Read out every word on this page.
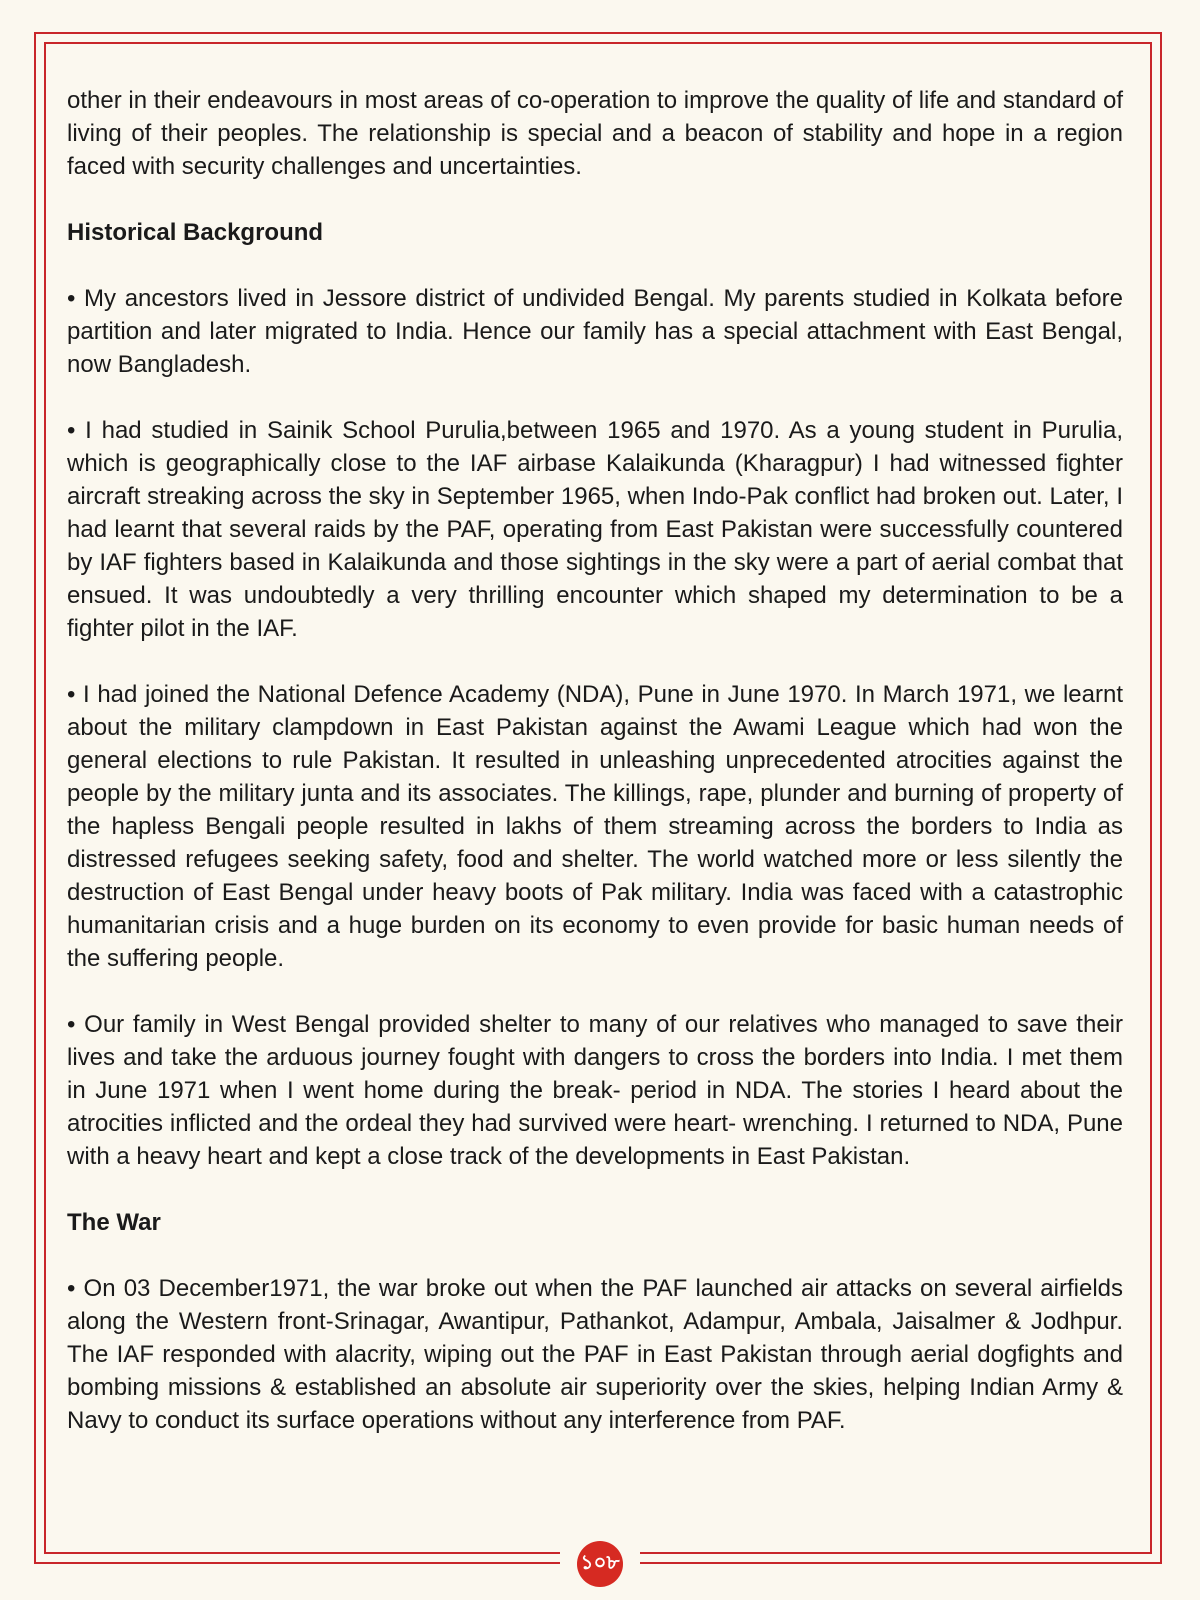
other in their endeavours in most areas of co-operation to improve the quality of life and standard of living of their peoples. The relationship is special and a beacon of stability and hope in a region faced with security challenges and uncertainties.

Historical Background

• My ancestors lived in Jessore district of undivided Bengal. My parents studied in Kolkata before partition and later migrated to India. Hence our family has a special attachment with East Bengal, now Bangladesh.

• I had studied in Sainik School Purulia,between 1965 and 1970. As a young student in Purulia, which is geographically close to the IAF airbase Kalaikunda (Kharagpur) I had witnessed fighter aircraft streaking across the sky in September 1965, when Indo-Pak conflict had broken out. Later, I had learnt that several raids by the PAF, operating from East Pakistan were successfully countered by IAF fighters based in Kalaikunda and those sightings in the sky were a part of aerial combat that ensued. It was undoubtedly a very thrilling encounter which shaped my determination to be a fighter pilot in the IAF.

• I had joined the National Defence Academy (NDA), Pune in June 1970. In March 1971, we learnt about the military clampdown in East Pakistan against the Awami League which had won the general elections to rule Pakistan. It resulted in unleashing unprecedented atrocities against the people by the military junta and its associates. The killings, rape, plunder and burning of property of the hapless Bengali people resulted in lakhs of them streaming across the borders to India as distressed refugees seeking safety, food and shelter. The world watched more or less silently the destruction of East Bengal under heavy boots of Pak military. India was faced with a catastrophic humanitarian crisis and a huge burden on its economy to even provide for basic human needs of the suffering people.

• Our family in West Bengal provided shelter to many of our relatives who managed to save their lives and take the arduous journey fought with dangers to cross the borders into India. I met them in June 1971 when I went home during the break- period in NDA. The stories I heard about the atrocities inflicted and the ordeal they had survived were heart- wrenching. I returned to NDA, Pune with a heavy heart and kept a close track of the developments in East Pakistan.

The War

• On 03 December1971, the war broke out when the PAF launched air attacks on several airfields along the Western front-Srinagar, Awantipur, Pathankot, Adampur, Ambala, Jaisalmer & Jodhpur. The IAF responded with alacrity, wiping out the PAF in East Pakistan through aerial dogfights and bombing missions & established an absolute air superiority over the skies, helping Indian Army & Navy to conduct its surface operations without any interference from PAF.

১০৮
